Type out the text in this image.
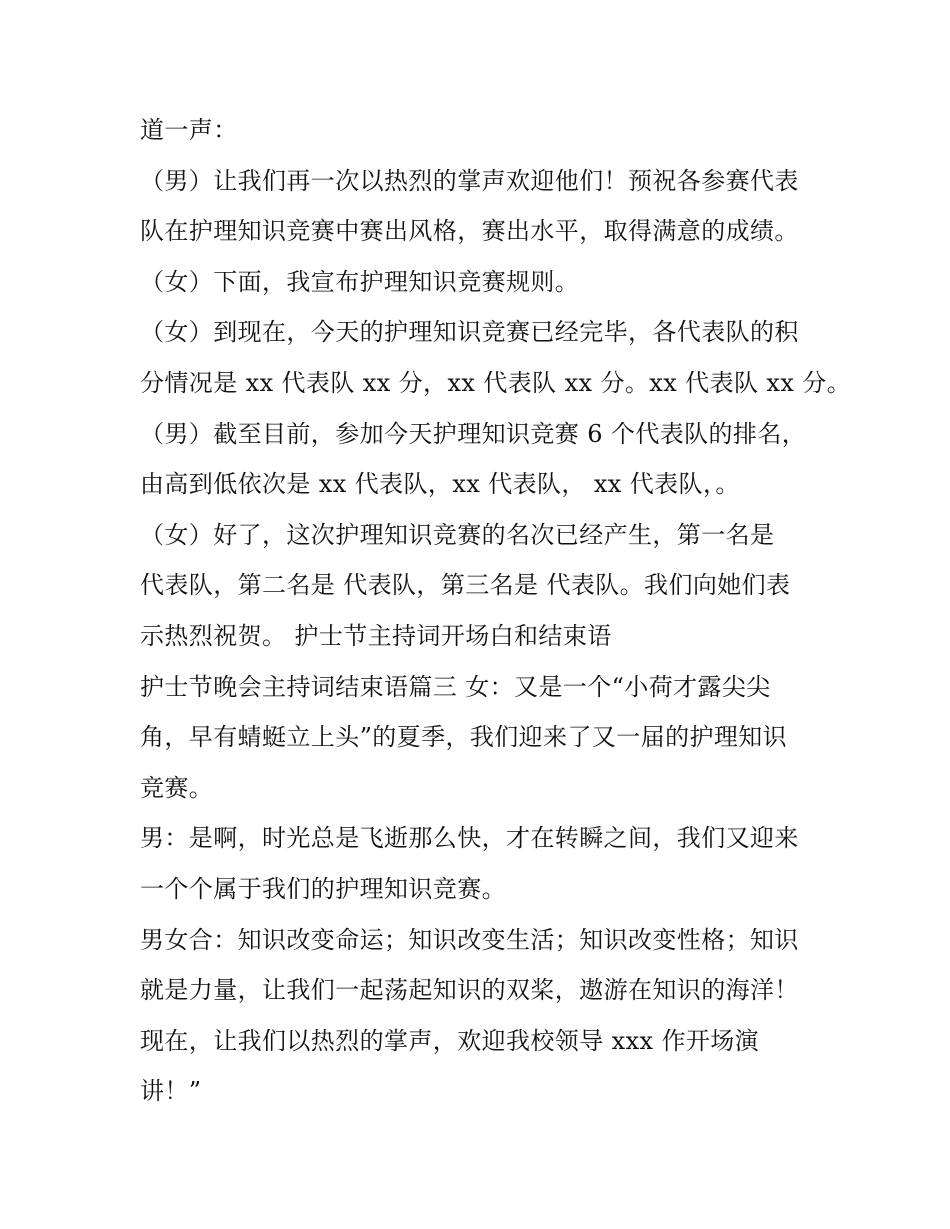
道一声：
（男）让我们再一次以热烈的掌声欢迎他们！预祝各参赛代表
队在护理知识竞赛中赛出风格，赛出水平，取得满意的成绩。
（女）下面，我宣布护理知识竞赛规则。
（女）到现在，今天的护理知识竞赛已经完毕，各代表队的积
分情况是 xx 代表队 xx 分，xx 代表队 xx 分。xx 代表队 xx 分。
（男）截至目前，参加今天护理知识竞赛 6 个代表队的排名，
由高到低依次是 xx 代表队，xx 代表队， xx 代表队，。
（女）好了，这次护理知识竞赛的名次已经产生，第一名是
代表队，第二名是 代表队，第三名是 代表队。我们向她们表
示热烈祝贺。 护士节主持词开场白和结束语
护士节晚会主持词结束语篇三 女：又是一个“小荷才露尖尖
角，早有蜻蜓立上头”的夏季，我们迎来了又一届的护理知识
竞赛。
男：是啊，时光总是飞逝那么快，才在转瞬之间，我们又迎来
一个个属于我们的护理知识竞赛。
男女合：知识改变命运；知识改变生活；知识改变性格；知识
就是力量，让我们一起荡起知识的双桨，遨游在知识的海洋！
现在，让我们以热烈的掌声，欢迎我校领导 xxx 作开场演
讲！”
